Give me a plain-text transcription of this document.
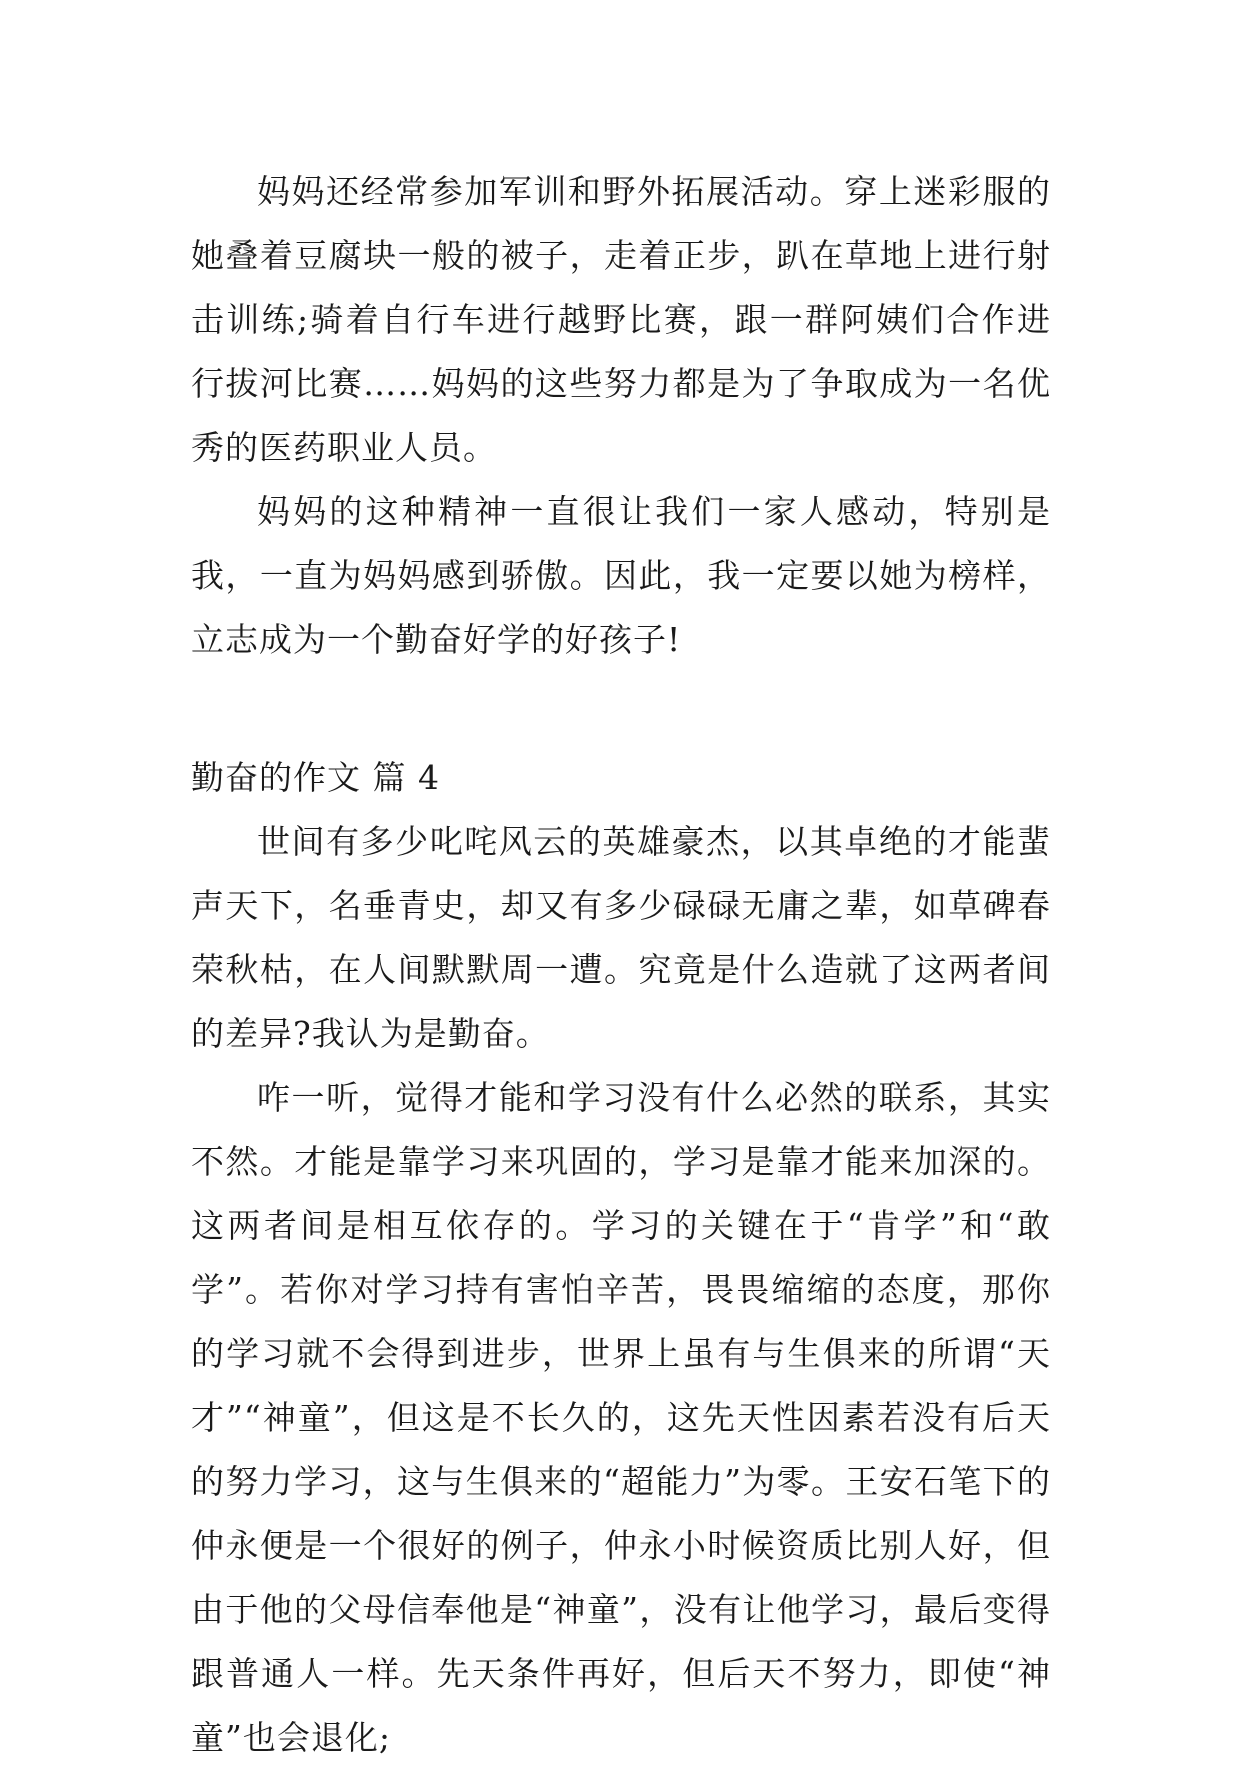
妈妈还经常参加军训和野外拓展活动。穿上迷彩服的她叠着豆腐块一般的被子，走着正步，趴在草地上进行射击训练;骑着自行车进行越野比赛，跟一群阿姨们合作进行拔河比赛……妈妈的这些努力都是为了争取成为一名优秀的医药职业人员。

妈妈的这种精神一直很让我们一家人感动，特别是我，一直为妈妈感到骄傲。因此，我一定要以她为榜样，立志成为一个勤奋好学的好孩子!

勤奋的作文 篇 4

世间有多少叱咤风云的英雄豪杰，以其卓绝的才能蜚声天下，名垂青史，却又有多少碌碌无庸之辈，如草碑春荣秋枯，在人间默默周一遭。究竟是什么造就了这两者间的差异?我认为是勤奋。

咋一听，觉得才能和学习没有什么必然的联系，其实不然。才能是靠学习来巩固的，学习是靠才能来加深的。这两者间是相互依存的。学习的关键在于“肯学”和“敢学”。若你对学习持有害怕辛苦，畏畏缩缩的态度，那你的学习就不会得到进步，世界上虽有与生俱来的所谓“天才”“神童”，但这是不长久的，这先天性因素若没有后天的努力学习，这与生俱来的“超能力”为零。王安石笔下的仲永便是一个很好的例子，仲永小时候资质比别人好，但由于他的父母信奉他是“神童”，没有让他学习，最后变得跟普通人一样。先天条件再好，但后天不努力，即使“神童”也会退化;
